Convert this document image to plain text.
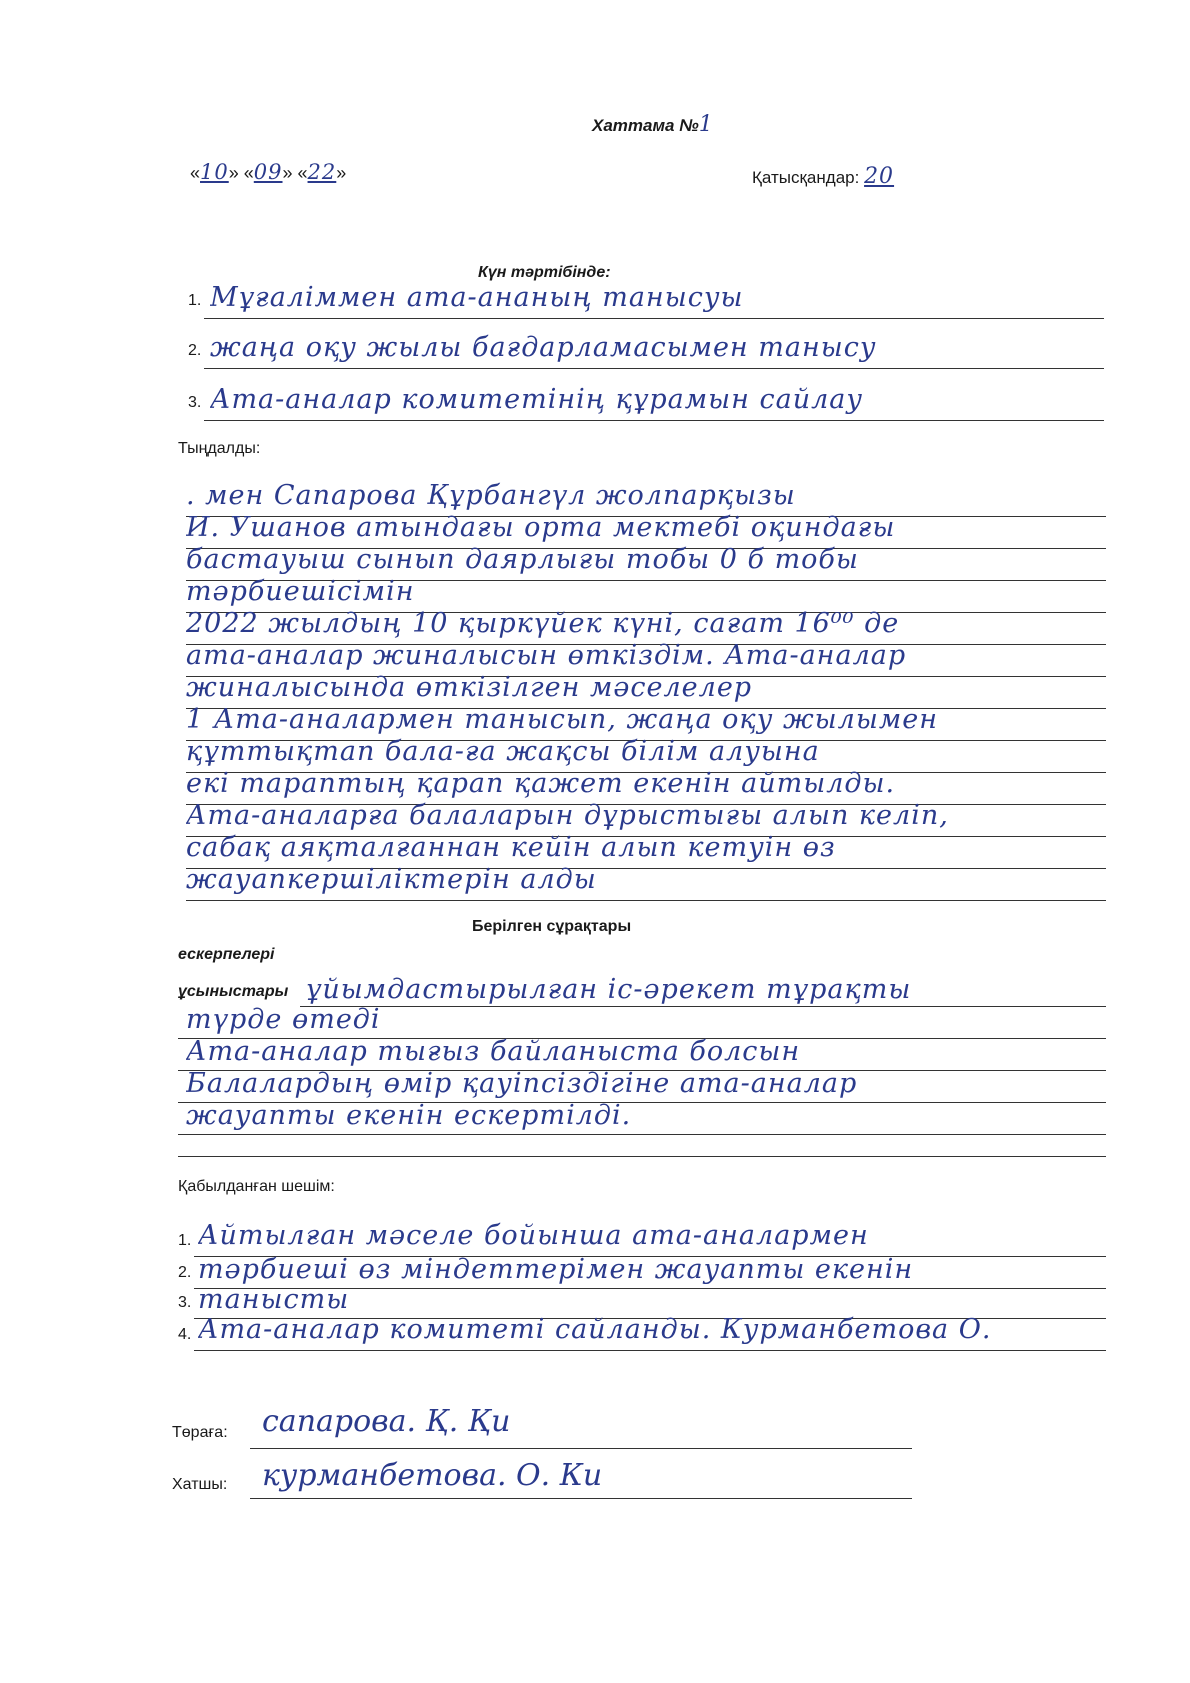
Хаттама №1
«10» «09» «22»	Қатысқандар: 20
Күн тәртібінде:
1. Мұғаліммен ата-ананың танысуы
2. жаңа оқу жылы бағдарламасымен танысу
3. Ата-аналар комитетінің құрамын сайлау
Тыңдалды:
. мен Сапарова Құрбангүл жолпарқызы
И. Ушанов атындағы орта мектебі оқиндағы
бастауыш сынып даярлығы тобы 0 б тобы
тәрбиешісімін
2022 жылдың 10 қыркүйек күні, сағат 16⁰⁰ де
ата-аналар жиналысын өткіздім. Ата-аналар
жиналысында өткізілген мәселелер
1 Ата-аналармен танысып, жаңа оқу жылымен
құттықтап бала-ға жақсы білім алуына
екі тараптың қарап қажет екенін айтылды.
Ата-аналарға балаларын дұрыстығы алып келіп,
сабақ аяқталғаннан кейін алып кетуін өз
жауапкершіліктерін алды
Берілген сұрақтары
ескерпелері
ұсыныстары ұйымдастырылған іс-әрекет тұрақты
түрде өтеді
Ата-аналар тығыз байланыста болсын
Балалардың өмір қауіпсіздігіне ата-аналар
жауапты екенін ескертілді.
Қабылданған шешім:
1. Айтылған мәселе бойынша ата-аналармен
2. тәрбиеші өз міндеттерімен жауапты екенін
3. танысты
4. Ата-аналар комитеті сайланды. Курманбетова О.
Төраға: сапарова. Қ. Қи
Хатшы: курманбетова. О. Ки
